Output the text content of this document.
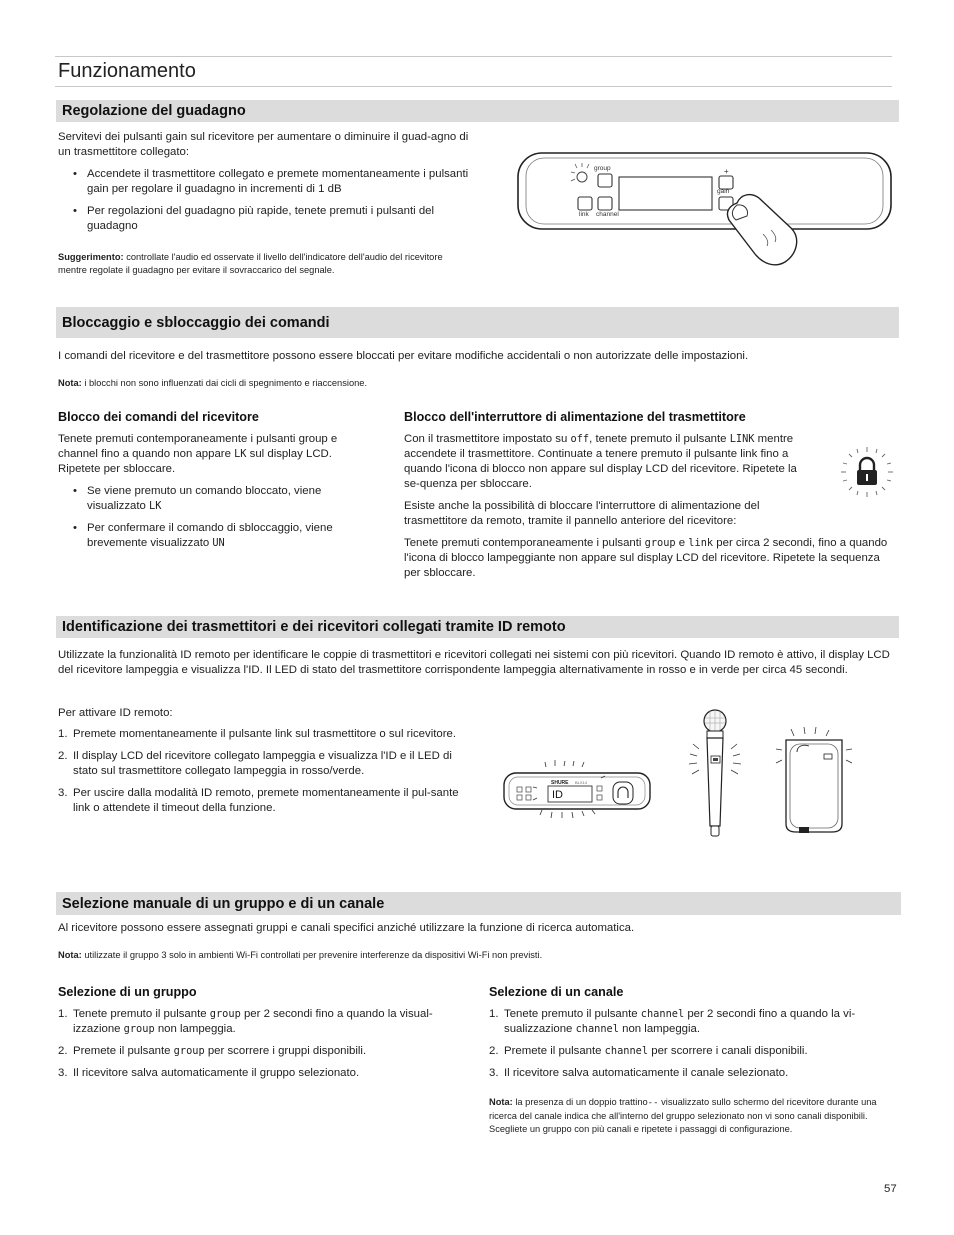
Funzionamento
Regolazione del guadagno

Servitevi dei pulsanti gain sul ricevitore per aumentare o diminuire il guad-agno di un trasmettitore collegato:

• Accendete il trasmettitore collegato e premete momentaneamente i pulsanti gain per regolare il guadagno in incrementi di 1 dB
• Per regolazioni del guadagno più rapide, tenete premuti i pulsanti del guadagno

Suggerimento: controllate l'audio ed osservate il livello dell'indicatore dell'audio del ricevitore mentre regolate il guadagno per evitare il sovraccarico del segnale.

group
link channel
+
gain
Bloccaggio e sbloccaggio dei comandi

I comandi del ricevitore e del trasmettitore possono essere bloccati per evitare modifiche accidentali o non autorizzate delle impostazioni.

Nota: i blocchi non sono influenzati dai cicli di spegnimento e riaccensione.

Blocco dei comandi del ricevitore

Tenete premuti contemporaneamente i pulsanti group e channel fino a quando non appare LK sul display LCD. Ripetete per sbloccare.

• Se viene premuto un comando bloccato, viene visualizzato LK
• Per confermare il comando di sbloccaggio, viene brevemente visualizzato UN
Blocco dell'interruttore di alimentazione del trasmettitore

Con il trasmettitore impostato su off, tenete premuto il pulsante LINK mentre accendete il trasmettitore. Continuate a tenere premuto il pulsante link fino a quando l'icona di blocco non appare sul display LCD del ricevitore. Ripetete la se-quenza per sbloccare.

Esiste anche la possibilità di bloccare l'interruttore di alimentazione del trasmettitore da remoto, tramite il pannello anteriore del ricevitore:

Tenete premuti contemporaneamente i pulsanti group e link per circa 2 secondi, fino a quando l'icona di blocco lampeggiante non appare sul display LCD del ricevitore. Ripetete la sequenza per sbloccare.

Identificazione dei trasmettitori e dei ricevitori collegati tramite ID remoto

Utilizzate la funzionalità ID remoto per identificare le coppie di trasmettitori e ricevitori collegati nei sistemi con più ricevitori. Quando ID remoto è attivo, il display LCD del ricevitore lampeggia e visualizza l'ID. Il LED di stato del trasmettitore corrispondente lampeggia alternativamente in rosso e in verde per circa 45 secondi.

Per attivare ID remoto:

1. Premete momentaneamente il pulsante link sul trasmettitore o sul ricevitore.
2. Il display LCD del ricevitore collegato lampeggia e visualizza l'ID e il LED di stato sul trasmettitore collegato lampeggia in rosso/verde.
3. Per uscire dalla modalità ID remoto, premete momentaneamente il pul-sante link o attendete il timeout della funzione.
SHURE BLX14
ID
Selezione manuale di un gruppo e di un canale

Al ricevitore possono essere assegnati gruppi e canali specifici anziché utilizzare la funzione di ricerca automatica.

Nota: utilizzate il gruppo 3 solo in ambienti Wi-Fi controllati per prevenire interferenze da dispositivi Wi-Fi non previsti.

Selezione di un gruppo
1. Tenete premuto il pulsante group per 2 secondi fino a quando la visual-izzazione group non lampeggia.
2. Premete il pulsante group per scorrere i gruppi disponibili.
3. Il ricevitore salva automaticamente il gruppo selezionato.
Selezione di un canale
1. Tenete premuto il pulsante channel per 2 secondi fino a quando la vi-sualizzazione channel non lampeggia.
2. Premete il pulsante channel per scorrere i canali disponibili.
3. Il ricevitore salva automaticamente il canale selezionato.

Nota: la presenza di un doppio trattino-- visualizzato sullo schermo del ricevitore durante una ricerca del canale indica che all'interno del gruppo selezionato non vi sono canali disponibili. Scegliete un gruppo con più canali e ripetete i passaggi di configurazione.

57
